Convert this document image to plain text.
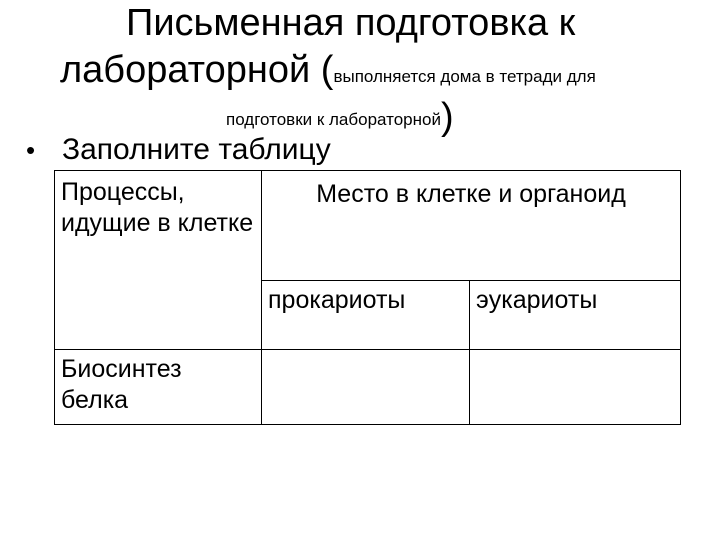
Письменная подготовка к
лабораторной (выполняется дома в тетради для
подготовки к лабораторной)
• Заполните таблицу
Процессы, идущие в клетке	Место в клетке и органоид	
	прокариоты	эукариоты
Биосинтез белка		
